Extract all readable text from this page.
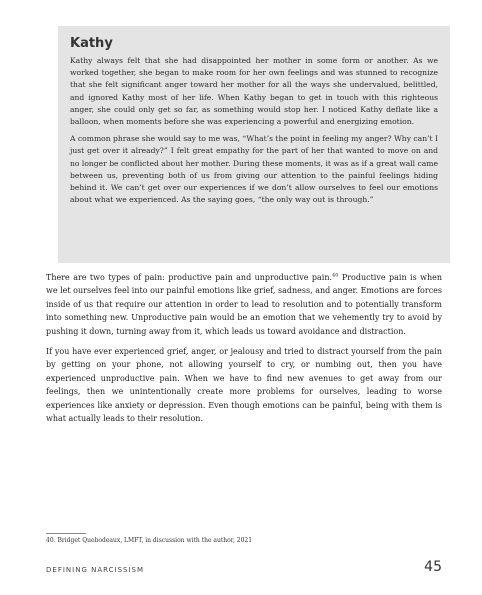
Kathy

Kathy always felt that she had disappointed her mother in some form or another. As we worked together, she began to make room for her own feelings and was stunned to recognize that she felt significant anger toward her mother for all the ways she undervalued, belittled, and ignored Kathy most of her life. When Kathy began to get in touch with this righteous anger, she could only get so far, as something would stop her. I noticed Kathy deflate like a balloon, when moments before she was experiencing a powerful and energizing emotion.

A common phrase she would say to me was, “What’s the point in feeling my anger? Why can’t I just get over it already?” I felt great empathy for the part of her that wanted to move on and no longer be conflicted about her mother. During these moments, it was as if a great wall came between us, preventing both of us from giving our attention to the painful feelings hiding behind it. We can’t get over our experiences if we don’t allow ourselves to feel our emotions about what we experienced. As the saying goes, “the only way out is through.”

There are two types of pain: productive pain and unproductive pain.$^{40}$ Productive pain is when we let ourselves feel into our painful emotions like grief, sadness, and anger. Emotions are forces inside of us that require our attention in order to lead to resolution and to potentially transform into something new. Unproductive pain would be an emotion that we vehemently try to avoid by pushing it down, turning away from it, which leads us toward avoidance and distraction.

If you have ever experienced grief, anger, or jealousy and tried to distract yourself from the pain by getting on your phone, not allowing yourself to cry, or numbing out, then you have experienced unproductive pain. When we have to find new avenues to get away from our feelings, then we unintentionally create more problems for ourselves, leading to worse experiences like anxiety or depression. Even though emotions can be painful, being with them is what actually leads to their resolution.

40. Bridget Quebodeaux, LMFT, in discussion with the author, 2021
DEFINING NARCISSISM	45
